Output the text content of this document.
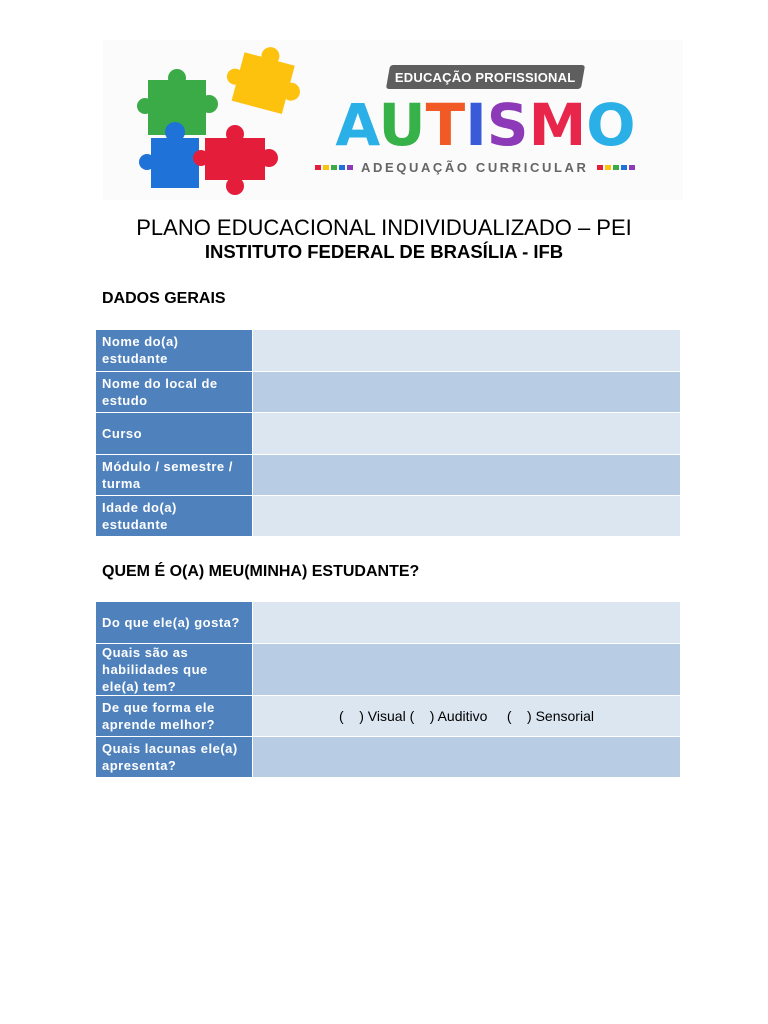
EDUCAÇÃO PROFISSIONAL
AUTISMO
ADEQUAÇÃO CURRICULAR
PLANO EDUCACIONAL INDIVIDUALIZADO – PEI
INSTITUTO FEDERAL DE BRASÍLIA - IFB
DADOS GERAIS
Nome do(a) estudante	
Nome do local de estudo	
Curso	
Módulo / semestre / turma	
Idade do(a) estudante	
QUEM É O(A) MEU(MINHA) ESTUDANTE?
Do que ele(a) gosta?	
Quais são as habilidades que ele(a) tem?	
De que forma ele aprende melhor?	(    ) Visual (    ) Auditivo     (    ) Sensorial
Quais lacunas ele(a) apresenta?	
